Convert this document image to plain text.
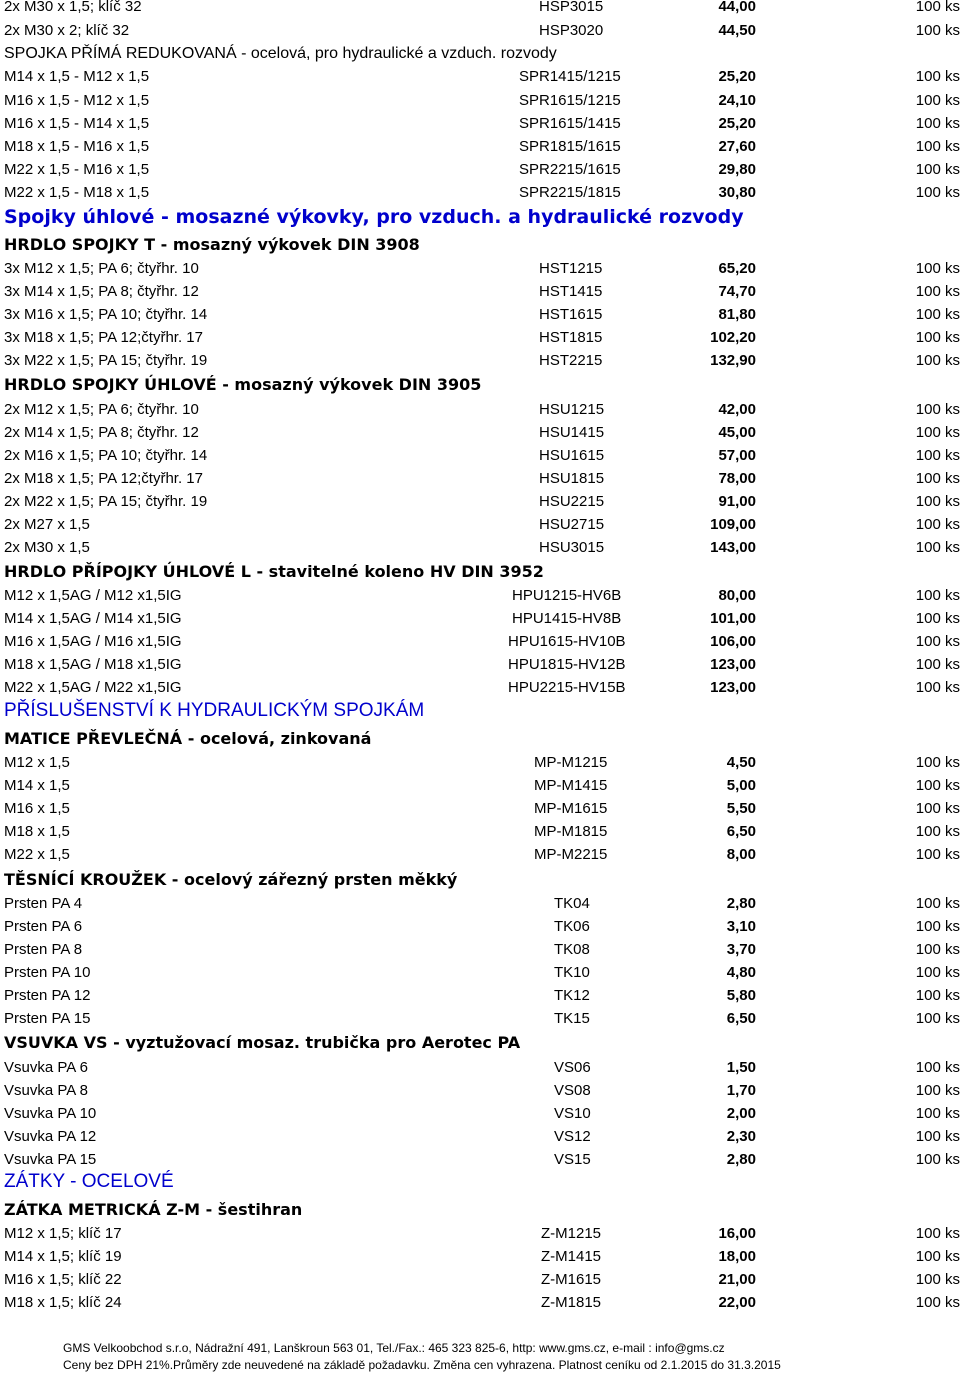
2x M30 x 1,5; klíč 32	HSP3015	44,00	100 ks
2x M30 x 2; klíč 32	HSP3020	44,50	100 ks
SPOJKA PŘÍMÁ REDUKOVANÁ - ocelová, pro hydraulické a vzduch. rozvody
M14 x 1,5 - M12 x 1,5	SPR1415/1215	25,20	100 ks
M16 x 1,5 - M12 x 1,5	SPR1615/1215	24,10	100 ks
M16 x 1,5 - M14 x 1,5	SPR1615/1415	25,20	100 ks
M18 x 1,5 - M16 x 1,5	SPR1815/1615	27,60	100 ks
M22 x 1,5 - M16 x 1,5	SPR2215/1615	29,80	100 ks
M22 x 1,5 - M18 x 1,5	SPR2215/1815	30,80	100 ks
Spojky úhlové - mosazné výkovky, pro vzduch. a hydraulické rozvody
HRDLO SPOJKY T - mosazný výkovek DIN 3908
3x M12 x 1,5; PA 6; čtyřhr. 10	HST1215	65,20	100 ks
3x M14 x 1,5; PA 8; čtyřhr. 12	HST1415	74,70	100 ks
3x M16 x 1,5; PA 10; čtyřhr. 14	HST1615	81,80	100 ks
3x M18 x 1,5; PA 12;čtyřhr. 17	HST1815	102,20	100 ks
3x M22 x 1,5; PA 15; čtyřhr. 19	HST2215	132,90	100 ks
HRDLO SPOJKY ÚHLOVÉ - mosazný výkovek DIN 3905
2x M12 x 1,5; PA 6; čtyřhr. 10	HSU1215	42,00	100 ks
2x M14 x 1,5; PA 8; čtyřhr. 12	HSU1415	45,00	100 ks
2x M16 x 1,5; PA 10; čtyřhr. 14	HSU1615	57,00	100 ks
2x M18 x 1,5; PA 12;čtyřhr. 17	HSU1815	78,00	100 ks
2x M22 x 1,5; PA 15; čtyřhr. 19	HSU2215	91,00	100 ks
2x M27 x 1,5	HSU2715	109,00	100 ks
2x M30 x 1,5	HSU3015	143,00	100 ks
HRDLO PŘÍPOJKY ÚHLOVÉ L - stavitelné koleno HV DIN 3952
M12 x 1,5AG / M12 x1,5IG	HPU1215-HV6B	80,00	100 ks
M14 x 1,5AG / M14 x1,5IG	HPU1415-HV8B	101,00	100 ks
M16 x 1,5AG / M16 x1,5IG	HPU1615-HV10B	106,00	100 ks
M18 x 1,5AG / M18 x1,5IG	HPU1815-HV12B	123,00	100 ks
M22 x 1,5AG / M22 x1,5IG	HPU2215-HV15B	123,00	100 ks
PŘÍSLUŠENSTVÍ K HYDRAULICKÝM SPOJKÁM
MATICE PŘEVLEČNÁ - ocelová, zinkovaná
M12 x 1,5	MP-M1215	4,50	100 ks
M14 x 1,5	MP-M1415	5,00	100 ks
M16 x 1,5	MP-M1615	5,50	100 ks
M18 x 1,5	MP-M1815	6,50	100 ks
M22 x 1,5	MP-M2215	8,00	100 ks
TĚSNÍCÍ KROUŽEK - ocelový zářezný prsten měkký
Prsten PA 4	TK04	2,80	100 ks
Prsten PA 6	TK06	3,10	100 ks
Prsten PA 8	TK08	3,70	100 ks
Prsten PA 10	TK10	4,80	100 ks
Prsten PA 12	TK12	5,80	100 ks
Prsten PA 15	TK15	6,50	100 ks
VSUVKA VS - vyztužovací mosaz. trubička pro Aerotec PA
Vsuvka PA 6	VS06	1,50	100 ks
Vsuvka PA 8	VS08	1,70	100 ks
Vsuvka PA 10	VS10	2,00	100 ks
Vsuvka PA 12	VS12	2,30	100 ks
Vsuvka PA 15	VS15	2,80	100 ks
ZÁTKY - OCELOVÉ
ZÁTKA METRICKÁ Z-M - šestihran
M12 x 1,5; klíč 17	Z-M1215	16,00	100 ks
M14 x 1,5; klíč 19	Z-M1415	18,00	100 ks
M16 x 1,5; klíč 22	Z-M1615	21,00	100 ks
M18 x 1,5; klíč 24	Z-M1815	22,00	100 ks
GMS Velkoobchod s.r.o, Nádražní 491, Lanškroun 563 01, Tel./Fax.: 465 323 825-6, http: www.gms.cz, e-mail : info@gms.cz
Ceny bez DPH 21%.Průměry zde neuvedené na základě požadavku. Změna cen vyhrazena. Platnost ceníku od 2.1.2015 do 31.3.2015
